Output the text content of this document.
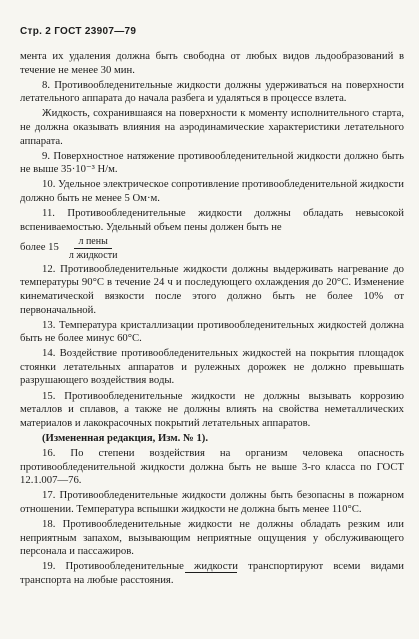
Стр. 2 ГОСТ 23907—79

мента их удаления должна быть свободна от любых видов льдообразований в течение не менее 30 мин.

8. Противообледенительные жидкости должны удерживаться на поверхности летательного аппарата до начала разбега и удаляться в процессе взлета.

Жидкость, сохранившаяся на поверхности к моменту исполнительного старта, не должна оказывать влияния на аэродинамические характеристики летательного аппарата.

9. Поверхностное натяжение противообледенительной жидкости должно быть не выше 35·10⁻³ Н/м.

10. Удельное электрическое сопротивление противообледенительной жидкости должно быть не менее 5 Ом·м.

11. Противообледенительные жидкости должны обладать невысокой вспениваемостью. Удельный объем пены должен быть не

более $15 \frac{\text{л пены}}{\text{л жидкости}}$

12. Противообледенительные жидкости должны выдерживать нагревание до температуры 90°С в течение 24 ч и последующего охлаждения до 20°С. Изменение кинематической вязкости после этого должно быть не более 10% от первоначальной.

13. Температура кристаллизации противообледенительных жидкостей должна быть не более минус 60°С.

14. Воздействие противообледенительных жидкостей на покрытия площадок стоянки летательных аппаратов и рулежных дорожек не должно превышать разрушающего воздействия воды.

15. Противообледенительные жидкости не должны вызывать коррозию металлов и сплавов, а также не должны влиять на свойства неметаллических материалов и лакокрасочных покрытий летательных аппаратов.

(Измененная редакция, Изм. № 1).

16. По степени воздействия на организм человека опасность противообледенительной жидкости должна быть не выше 3-го класса по ГОСТ 12.1.007—76.

17. Противообледенительные жидкости должны быть безопасны в пожарном отношении. Температура вспышки жидкости не должна быть менее 110°С.

18. Противообледенительные жидкости не должны обладать резким или неприятным запахом, вызывающим неприятные ощущения у обслуживающего персонала и пассажиров.

19. Противообледенительные жидкости транспортируют всеми видами транспорта на любые расстояния.
